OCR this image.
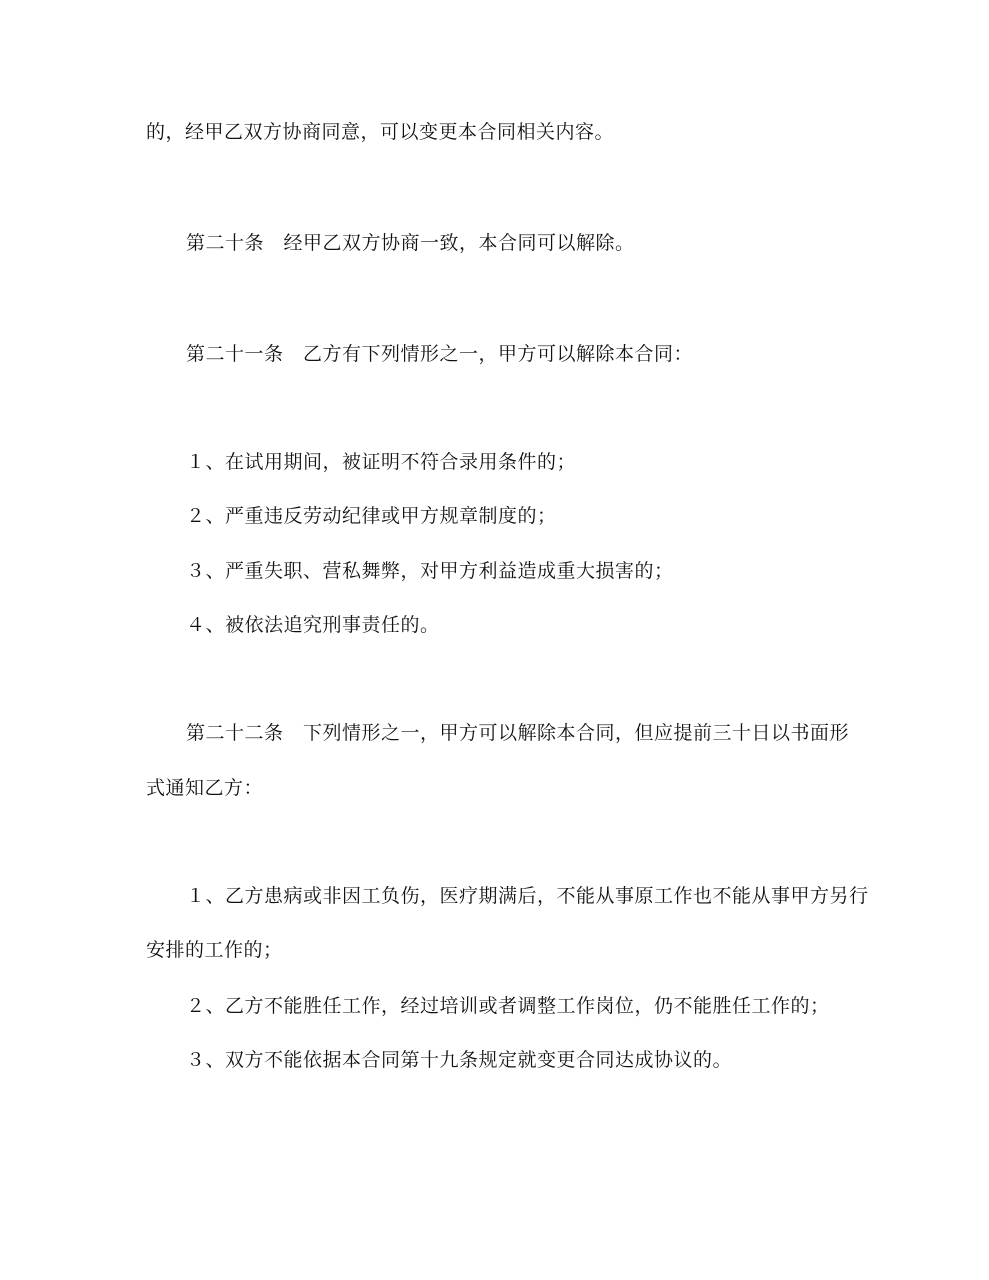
的，经甲乙双方协商同意，可以变更本合同相关内容。
第二十条　经甲乙双方协商一致，本合同可以解除。
第二十一条　乙方有下列情形之一，甲方可以解除本合同：
１、在试用期间，被证明不符合录用条件的；
２、严重违反劳动纪律或甲方规章制度的；
３、严重失职、营私舞弊，对甲方利益造成重大损害的；
４、被依法追究刑事责任的。
第二十二条　下列情形之一，甲方可以解除本合同，但应提前三十日以书面形
式通知乙方：
１、乙方患病或非因工负伤，医疗期满后，不能从事原工作也不能从事甲方另行
安排的工作的；
２、乙方不能胜任工作，经过培训或者调整工作岗位，仍不能胜任工作的；
３、双方不能依据本合同第十九条规定就变更合同达成协议的。
